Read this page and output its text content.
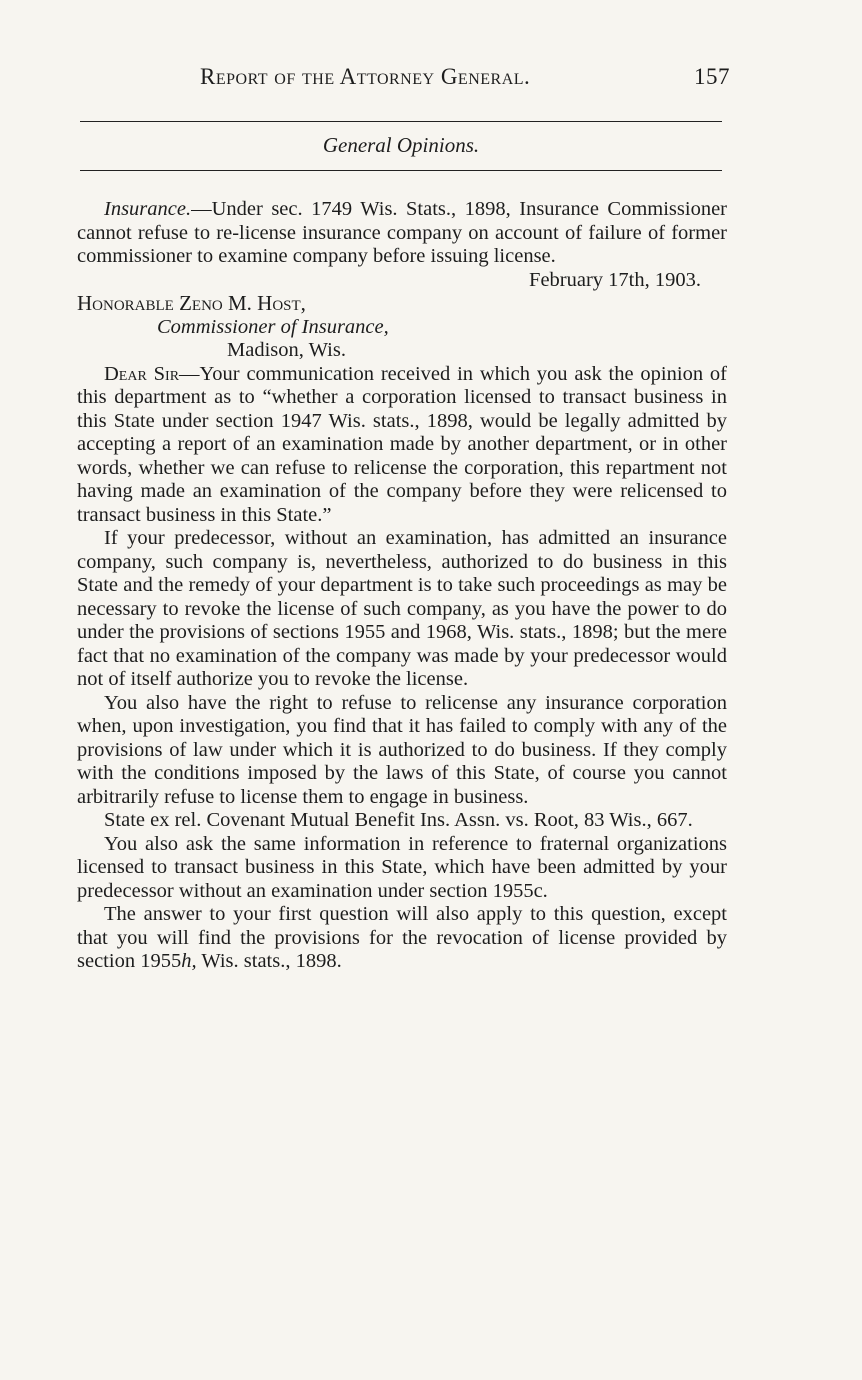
Report of the Attorney General.	157
General Opinions.

Insurance.—Under sec. 1749 Wis. Stats., 1898, Insurance Commissioner cannot refuse to re-license insurance company on account of failure of former commissioner to examine company before issuing license.

February 17th, 1903.

Honorable Zeno M. Host,

Commissioner of Insurance,

Madison, Wis.

Dear Sir—Your communication received in which you ask the opinion of this department as to “whether a corporation licensed to transact business in this State under section 1947 Wis. stats., 1898, would be legally admitted by accepting a report of an examination made by another department, or in other words, whether we can refuse to relicense the corporation, this repartment not having made an examination of the company before they were relicensed to transact business in this State.”

If your predecessor, without an examination, has admitted an insurance company, such company is, nevertheless, authorized to do business in this State and the remedy of your department is to take such proceedings as may be necessary to revoke the license of such company, as you have the power to do under the provisions of sections 1955 and 1968, Wis. stats., 1898; but the mere fact that no examination of the company was made by your predecessor would not of itself authorize you to revoke the license.

You also have the right to refuse to relicense any insurance corporation when, upon investigation, you find that it has failed to comply with any of the provisions of law under which it is authorized to do business. If they comply with the conditions imposed by the laws of this State, of course you cannot arbitrarily refuse to license them to engage in business.

State ex rel. Covenant Mutual Benefit Ins. Assn. vs. Root, 83 Wis., 667.

You also ask the same information in reference to fraternal organizations licensed to transact business in this State, which have been admitted by your predecessor without an examination under section 1955c.

The answer to your first question will also apply to this question, except that you will find the provisions for the revocation of license provided by section 1955h, Wis. stats., 1898.
